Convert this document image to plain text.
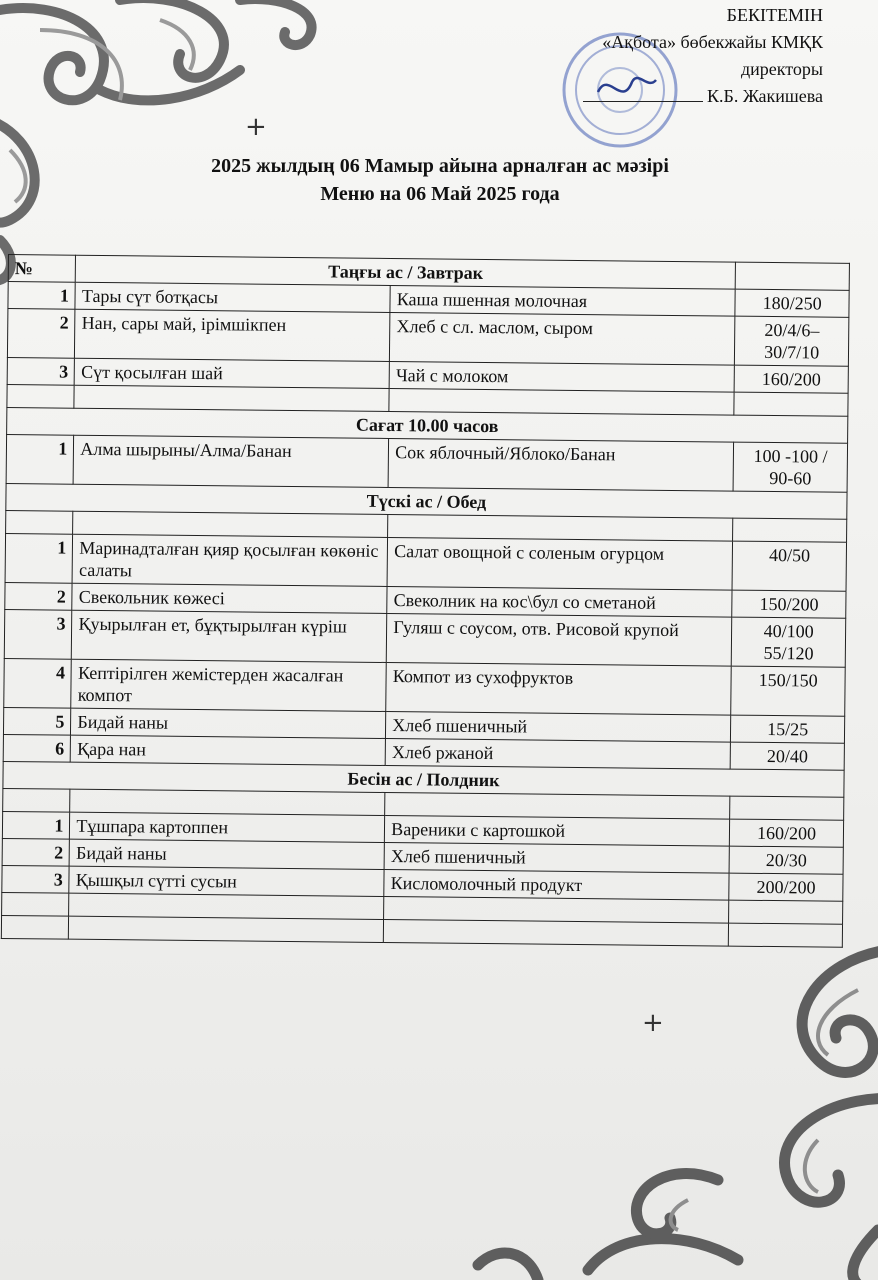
БЕКІТЕМІН
«Ақбота» бөбекжайы КМҚК
директоры
К.Б. Жакишева
+
2025 жылдың 06 Мамыр айына арналған ас мәзірі
Меню на 06 Май 2025 года
№	Таңғы ас / Завтрак		
1	Тары сүт ботқасы	Каша пшенная молочная	180/250
2	Нан, сары май, ірімшікпен	Хлеб с сл. маслом, сыром	20/4/6–30/7/10
3	Сүт қосылған шай	Чай с молоком	160/200

Сағат 10.00 часов			
1	Алма шырыны/Алма/Банан	Сок яблочный/Яблоко/Банан	100 -100 / 90-60
Түскі ас / Обед			

1	Маринадталған қияр қосылған көкөніс салаты	Салат овощной с соленым огурцом	40/50
2	Свекольник көжесі	Свеколник на кос\бул со сметаной	150/200
3	Қуырылған ет, бұқтырылған күріш	Гуляш с соусом, отв. Рисовой крупой	40/100 55/120
4	Кептірілген жемістерден жасалған компот	Компот из сухофруктов	150/150
5	Бидай наны	Хлеб пшеничный	15/25
6	Қара нан	Хлеб ржаной	20/40
Бесін ас / Полдник			

1	Тұшпара картоппен	Вареники с картошкой	160/200
2	Бидай наны	Хлеб пшеничный	20/30
3	Қышқыл сүтті сусын	Кисломолочный продукт	200/200

+
